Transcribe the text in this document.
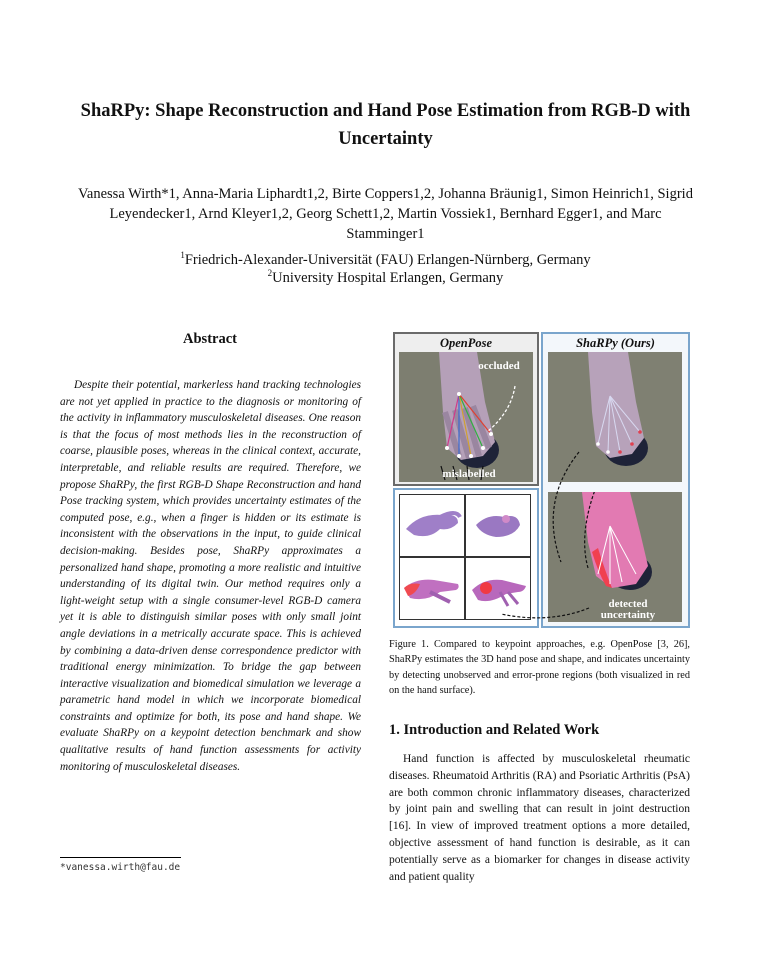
ShaRPy: Shape Reconstruction and Hand Pose Estimation from RGB-D with
Uncertainty
Vanessa Wirth*1, Anna-Maria Liphardt1,2, Birte Coppers1,2, Johanna Bräunig1, Simon Heinrich1, Sigrid
Leyendecker1, Arnd Kleyer1,2, Georg Schett1,2, Martin Vossiek1, Bernhard Egger1, and Marc
Stamminger1
$^1$Friedrich-Alexander-Universität (FAU) Erlangen-Nürnberg, Germany
$^2$University Hospital Erlangen, Germany
Abstract
Despite their potential, markerless hand tracking technologies are not yet applied in practice to the diagnosis or monitoring of the activity in inflammatory musculoskeletal diseases. One reason is that the focus of most methods lies in the reconstruction of coarse, plausible poses, whereas in the clinical context, accurate, interpretable, and reliable results are required. Therefore, we propose ShaRPy, the first RGB-D Shape Reconstruction and hand Pose tracking system, which provides uncertainty estimates of the computed pose, e.g., when a finger is hidden or its estimate is inconsistent with the observations in the input, to guide clinical decision-making. Besides pose, ShaRPy approximates a personalized hand shape, promoting a more realistic and intuitive understanding of its digital twin. Our method requires only a light-weight setup with a single consumer-level RGB-D camera yet it is able to distinguish similar poses with only small joint angle deviations in a metrically accurate space. This is achieved by combining a data-driven dense correspondence predictor with traditional energy minimization. To bridge the gap between interactive visualization and biomedical simulation we leverage a parametric hand model in which we incorporate biomedical constraints and optimize for both, its pose and hand shape. We evaluate ShaRPy on a keypoint detection benchmark and show qualitative results of hand function assessments for activity monitoring of musculoskeletal diseases.
*vanessa.wirth@fau.de
OpenPose
occluded
mislabelled
ShaRPy (Ours)
detected
uncertainty
Figure 1. Compared to keypoint approaches, e.g. OpenPose [3, 26], ShaRPy estimates the 3D hand pose and shape, and indicates uncertainty by detecting unobserved and error-prone regions (both visualized in red on the hand surface).
1. Introduction and Related Work
Hand function is affected by musculoskeletal rheumatic diseases. Rheumatoid Arthritis (RA) and Psoriatic Arthritis (PsA) are both common chronic inflammatory diseases, characterized by joint pain and swelling that can result in joint destruction [16]. In view of improved treatment options a more detailed, objective assessment of hand function is desirable, as it can potentially serve as a biomarker for changes in disease activity and patient quality
